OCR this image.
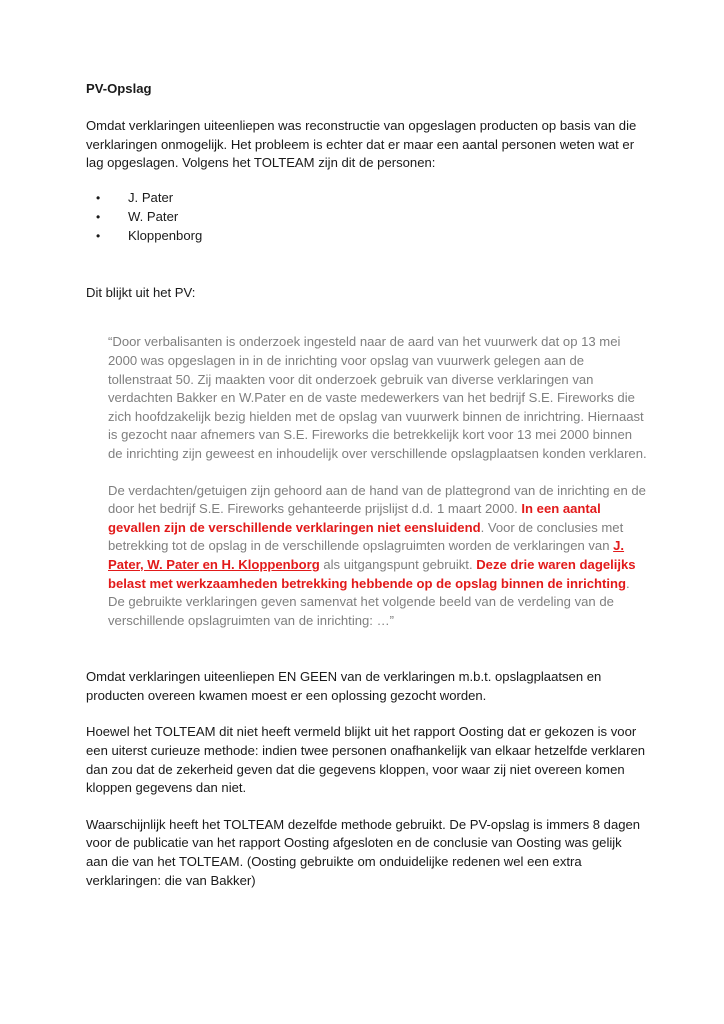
PV-Opslag

Omdat verklaringen uiteenliepen was reconstructie van opgeslagen producten op basis van die verklaringen onmogelijk. Het probleem is echter dat er maar een aantal personen weten wat er lag opgeslagen. Volgens het TOLTEAM zijn dit de personen:

• J. Pater
• W. Pater
• Kloppenborg

Dit blijkt uit het PV:

“Door verbalisanten is onderzoek ingesteld naar de aard van het vuurwerk dat op 13 mei 2000 was opgeslagen in in de inrichting voor opslag van vuurwerk gelegen aan de tollenstraat 50. Zij maakten voor dit onderzoek gebruik van diverse verklaringen van verdachten Bakker en W.Pater en de vaste medewerkers van het bedrijf S.E. Fireworks die zich hoofdzakelijk bezig hielden met de opslag van vuurwerk binnen de inrichtring. Hiernaast is gezocht naar afnemers van S.E. Fireworks die betrekkelijk kort voor 13 mei 2000 binnen de inrichting zijn geweest en inhoudelijk over verschillende opslagplaatsen konden verklaren.

De verdachten/getuigen zijn gehoord aan de hand van de plattegrond van de inrichting en de door het bedrijf S.E. Fireworks gehanteerde prijslijst d.d. 1 maart 2000. In een aantal gevallen zijn de verschillende verklaringen niet eensluidend. Voor de conclusies met betrekking tot de opslag in de verschillende opslagruimten worden de verklaringen van J. Pater, W. Pater en H. Kloppenborg als uitgangspunt gebruikt. Deze drie waren dagelijks belast met werkzaamheden betrekking hebbende op de opslag binnen de inrichting. De gebruikte verklaringen geven samenvat het volgende beeld van de verdeling van de verschillende opslagruimten van de inrichting: …”

Omdat verklaringen uiteenliepen EN GEEN van de verklaringen m.b.t. opslagplaatsen en producten overeen kwamen moest er een oplossing gezocht worden.

Hoewel het TOLTEAM dit niet heeft vermeld blijkt uit het rapport Oosting dat er gekozen is voor een uiterst curieuze methode: indien twee personen onafhankelijk van elkaar hetzelfde verklaren dan zou dat de zekerheid geven dat die gegevens kloppen, voor waar zij niet overeen komen kloppen gegevens dan niet.

Waarschijnlijk heeft het TOLTEAM dezelfde methode gebruikt. De PV-opslag is immers 8 dagen voor de publicatie van het rapport Oosting afgesloten en de conclusie van Oosting was gelijk aan die van het TOLTEAM. (Oosting gebruikte om onduidelijke redenen wel een extra verklaringen: die van Bakker)
